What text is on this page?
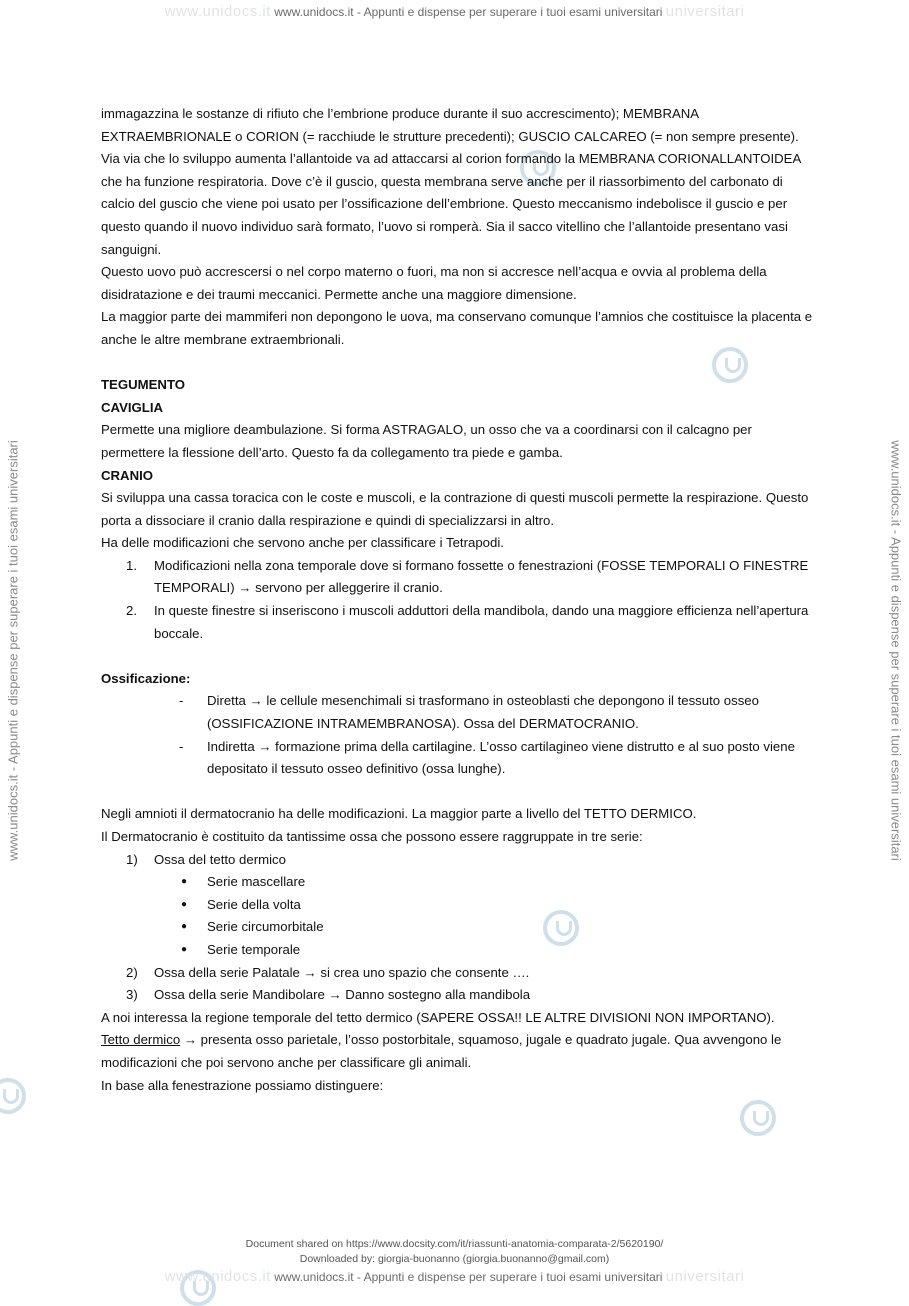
www.unidocs.it www.unidocs.it - Appunti e dispense per superare i tuoi esami universitari universitari
www.unidocs.it - Appunti e dispense per superare i tuoi esami universitari	www.unidocs.it - Appunti e dispense per superare i tuoi esami universitari

immagazzina le sostanze di rifiuto che l’embrione produce durante il suo accrescimento); MEMBRANA EXTRAEMBRIONALE o CORION (= racchiude le strutture precedenti); GUSCIO CALCAREO (= non sempre presente).

Via via che lo sviluppo aumenta l’allantoide va ad attaccarsi al corion formando la MEMBRANA CORIONALLANTOIDEA che ha funzione respiratoria. Dove c’è il guscio, questa membrana serve anche per il riassorbimento del carbonato di calcio del guscio che viene poi usato per l’ossificazione dell’embrione. Questo meccanismo indebolisce il guscio e per questo quando il nuovo individuo sarà formato, l’uovo si romperà. Sia il sacco vitellino che l’allantoide presentano vasi sanguigni.

Questo uovo può accrescersi o nel corpo materno o fuori, ma non si accresce nell’acqua e ovvia al problema della disidratazione e dei traumi meccanici. Permette anche una maggiore dimensione.

La maggior parte dei mammiferi non depongono le uova, ma conservano comunque l’amnios che costituisce la placenta e anche le altre membrane extraembrionali.

TEGUMENTO

CAVIGLIA

Permette una migliore deambulazione. Si forma ASTRAGALO, un osso che va a coordinarsi con il calcagno per permettere la flessione dell’arto. Questo fa da collegamento tra piede e gamba.

CRANIO

Si sviluppa una cassa toracica con le coste e muscoli, e la contrazione di questi muscoli permette la respirazione. Questo porta a dissociare il cranio dalla respirazione e quindi di specializzarsi in altro.

Ha delle modificazioni che servono anche per classificare i Tetrapodi.

1. Modificazioni nella zona temporale dove si formano fossette o fenestrazioni (FOSSE TEMPORALI O FINESTRE TEMPORALI) → servono per alleggerire il cranio.
2. In queste finestre si inseriscono i muscoli adduttori della mandibola, dando una maggiore efficienza nell’apertura boccale.

Ossificazione:

- Diretta → le cellule mesenchimali si trasformano in osteoblasti che depongono il tessuto osseo (OSSIFICAZIONE INTRAMEMBRANOSA). Ossa del DERMATOCRANIO.
- Indiretta → formazione prima della cartilagine. L’osso cartilagineo viene distrutto e al suo posto viene depositato il tessuto osseo definitivo (ossa lunghe).

Negli amnioti il dermatocranio ha delle modificazioni. La maggior parte a livello del TETTO DERMICO.

Il Dermatocranio è costituito da tantissime ossa che possono essere raggruppate in tre serie:

1) Ossa del tetto dermico
● Serie mascellare
● Serie della volta
● Serie circumorbitale
● Serie temporale
2) Ossa della serie Palatale → si crea uno spazio che consente ….
3) Ossa della serie Mandibolare → Danno sostegno alla mandibola

A noi interessa la regione temporale del tetto dermico (SAPERE OSSA!! LE ALTRE DIVISIONI NON IMPORTANO).

Tetto dermico → presenta osso parietale, l’osso postorbitale, squamoso, jugale e quadrato jugale. Qua avvengono le modificazioni che poi servono anche per classificare gli animali.

In base alla fenestrazione possiamo distinguere:

Document shared on https://www.docsity.com/it/riassunti-anatomia-comparata-2/5620190/
Downloaded by: giorgia-buonanno (giorgia.buonanno@gmail.com)
www.unidocs.it www.unidocs.it - Appunti e dispense per superare i tuoi esami universitari universitari
